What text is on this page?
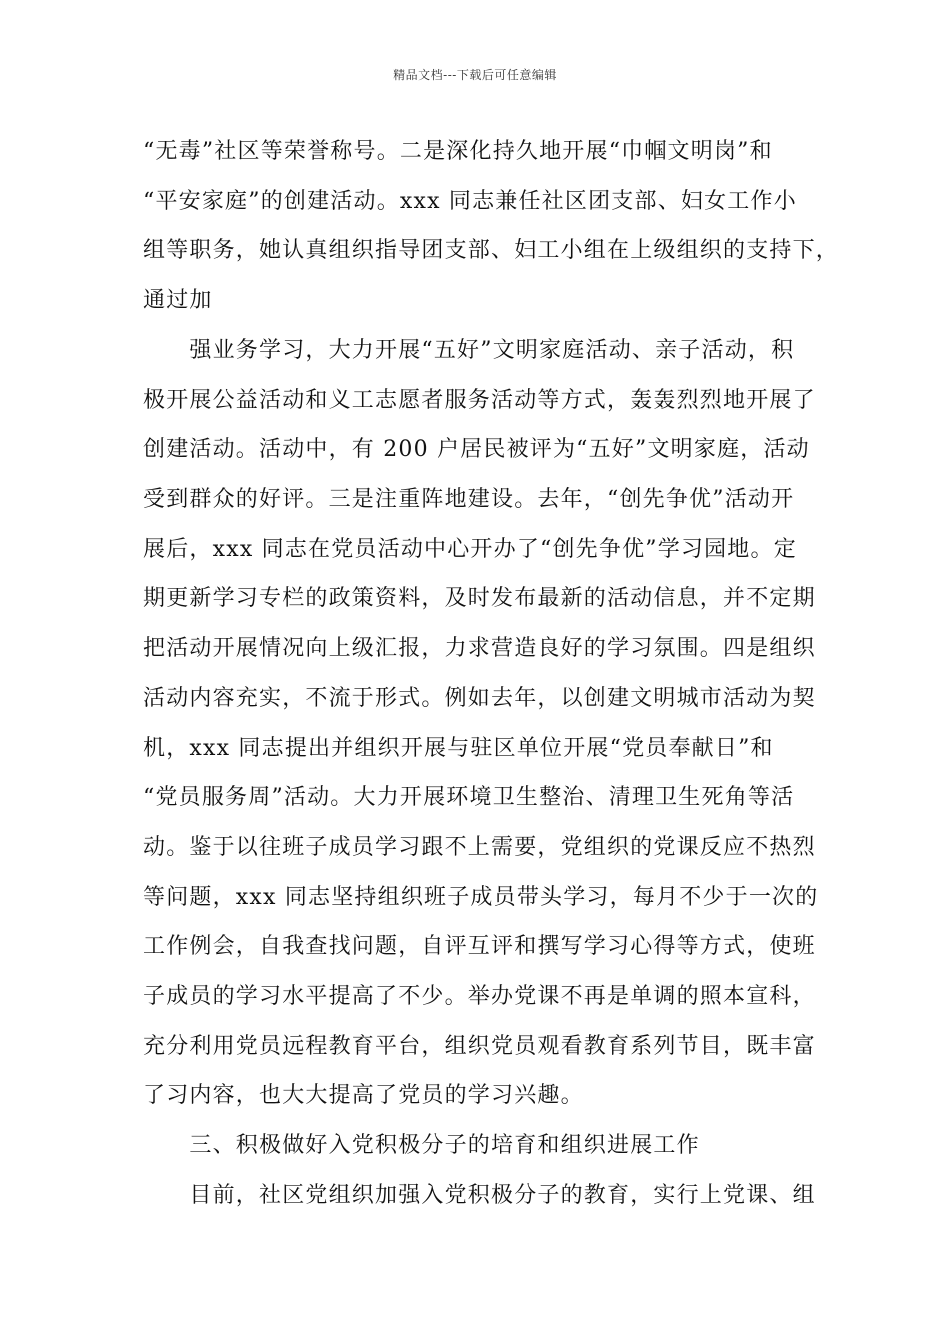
精品文档---下载后可任意编辑
“无毒”社区等荣誉称号。二是深化持久地开展“巾帼文明岗”和
“平安家庭”的创建活动。xxx 同志兼任社区团支部、妇女工作小
组等职务，她认真组织指导团支部、妇工小组在上级组织的支持下，
通过加
　　强业务学习，大力开展“五好”文明家庭活动、亲子活动，积
极开展公益活动和义工志愿者服务活动等方式，轰轰烈烈地开展了
创建活动。活动中，有 200 户居民被评为“五好”文明家庭，活动
受到群众的好评。三是注重阵地建设。去年，“创先争优”活动开
展后，xxx 同志在党员活动中心开办了“创先争优”学习园地。定
期更新学习专栏的政策资料，及时发布最新的活动信息，并不定期
把活动开展情况向上级汇报，力求营造良好的学习氛围。四是组织
活动内容充实，不流于形式。例如去年，以创建文明城市活动为契
机，xxx 同志提出并组织开展与驻区单位开展“党员奉献日”和
“党员服务周”活动。大力开展环境卫生整治、清理卫生死角等活
动。鉴于以往班子成员学习跟不上需要，党组织的党课反应不热烈
等问题，xxx 同志坚持组织班子成员带头学习，每月不少于一次的
工作例会，自我查找问题，自评互评和撰写学习心得等方式，使班
子成员的学习水平提高了不少。举办党课不再是单调的照本宣科，
充分利用党员远程教育平台，组织党员观看教育系列节目，既丰富
了习内容，也大大提高了党员的学习兴趣。
　　三、积极做好入党积极分子的培育和组织进展工作
　　目前，社区党组织加强入党积极分子的教育，实行上党课、组
